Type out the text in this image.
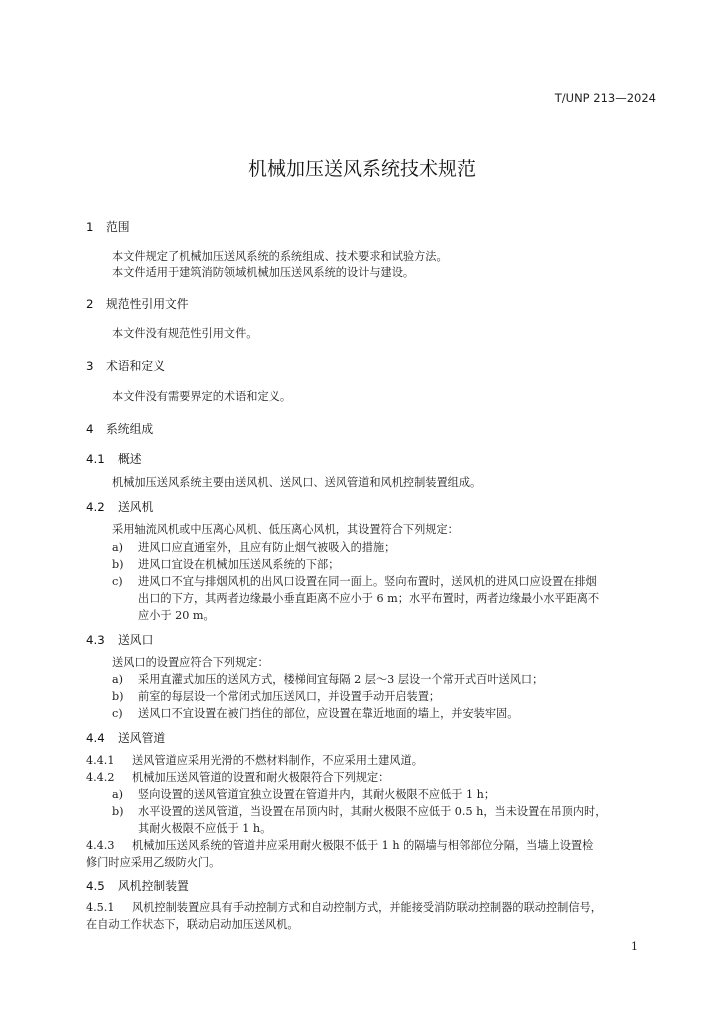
T/UNP 213—2024
机械加压送风系统技术规范
1 范围
本文件规定了机械加压送风系统的系统组成、技术要求和试验方法。
本文件适用于建筑消防领域机械加压送风系统的设计与建设。
2 规范性引用文件
本文件没有规范性引用文件。
3 术语和定义
本文件没有需要界定的术语和定义。
4 系统组成
4.1 概述
机械加压送风系统主要由送风机、送风口、送风管道和风机控制装置组成。
4.2 送风机
采用轴流风机或中压离心风机、低压离心风机，其设置符合下列规定：
a) 进风口应直通室外，且应有防止烟气被吸入的措施；
b) 进风口宜设在机械加压送风系统的下部；
c) 进风口不宜与排烟风机的出风口设置在同一面上。竖向布置时，送风机的进风口应设置在排烟
出口的下方，其两者边缘最小垂直距离不应小于 6 m；水平布置时，两者边缘最小水平距离不
应小于 20 m。
4.3 送风口
送风口的设置应符合下列规定：
a) 采用直灌式加压的送风方式，楼梯间宜每隔 2 层～3 层设一个常开式百叶送风口；
b) 前室的每层设一个常闭式加压送风口，并设置手动开启装置；
c) 送风口不宜设置在被门挡住的部位，应设置在靠近地面的墙上，并安装牢固。
4.4 送风管道
4.4.1 送风管道应采用光滑的不燃材料制作，不应采用土建风道。
4.4.2 机械加压送风管道的设置和耐火极限符合下列规定：
a) 竖向设置的送风管道宜独立设置在管道井内，其耐火极限不应低于 1 h；
b) 水平设置的送风管道，当设置在吊顶内时，其耐火极限不应低于 0.5 h，当未设置在吊顶内时，
其耐火极限不应低于 1 h。
4.4.3 机械加压送风系统的管道井应采用耐火极限不低于 1 h 的隔墙与相邻部位分隔，当墙上设置检
修门时应采用乙级防火门。
4.5 风机控制装置
4.5.1 风机控制装置应具有手动控制方式和自动控制方式，并能接受消防联动控制器的联动控制信号，
在自动工作状态下，联动启动加压送风机。
1
